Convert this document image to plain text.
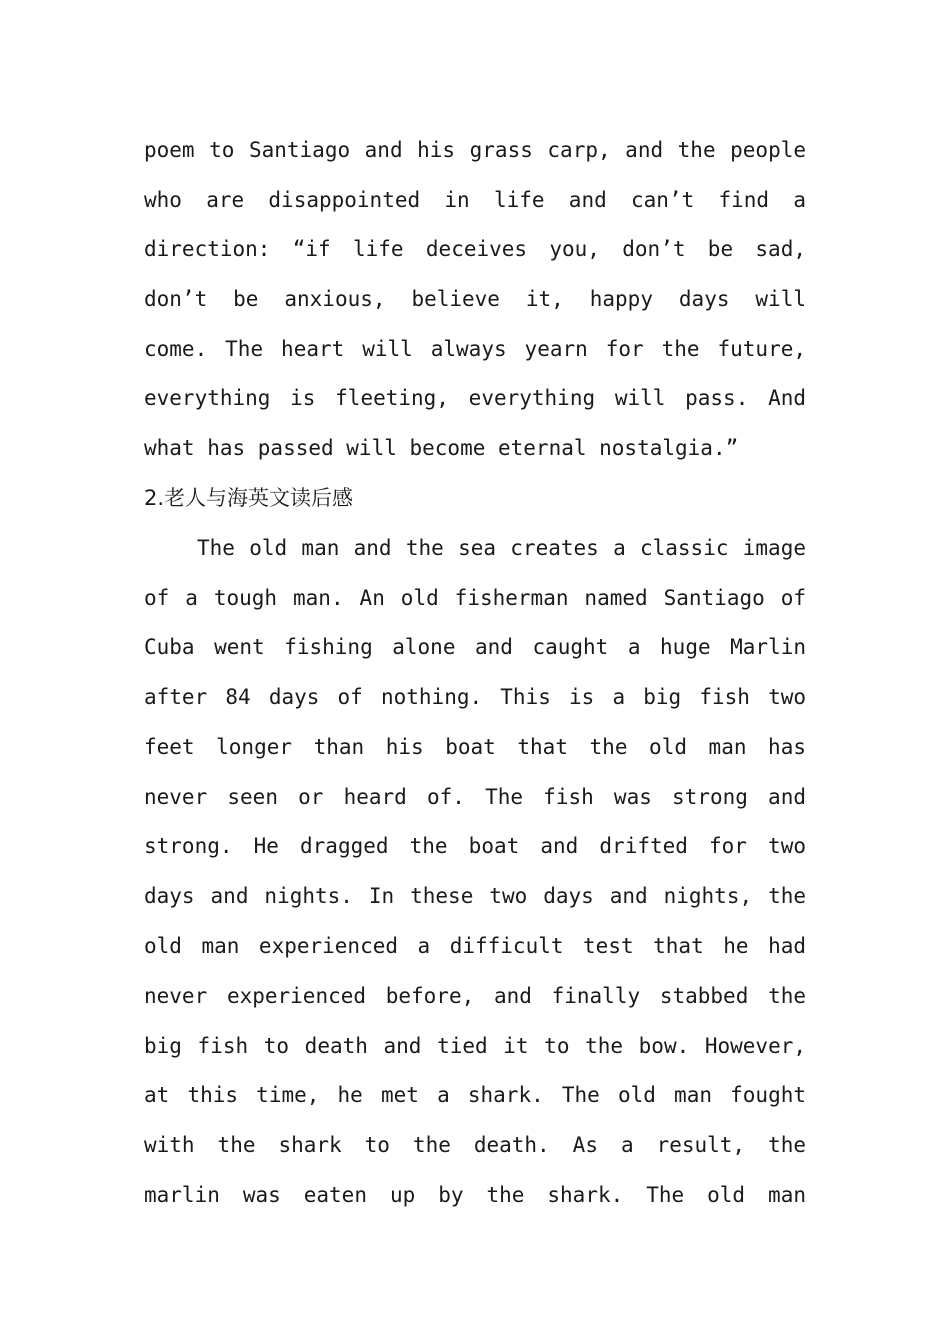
poem to Santiago and his grass carp, and the people
who are disappointed in life and can’t find a
direction: “if life deceives you, don’t be sad,
don’t be anxious, believe it, happy days will
come. The heart will always yearn for the future,
everything is fleeting, everything will pass. And
what has passed will become eternal nostalgia.”
2.老人与海英文读后感
The old man and the sea creates a classic image
of a tough man. An old fisherman named Santiago of
Cuba went fishing alone and caught a huge Marlin
after 84 days of nothing. This is a big fish two
feet longer than his boat that the old man has
never seen or heard of. The fish was strong and
strong. He dragged the boat and drifted for two
days and nights. In these two days and nights, the
old man experienced a difficult test that he had
never experienced before, and finally stabbed the
big fish to death and tied it to the bow. However,
at this time, he met a shark. The old man fought
with the shark to the death. As a result, the
marlin was eaten up by the shark. The old man
